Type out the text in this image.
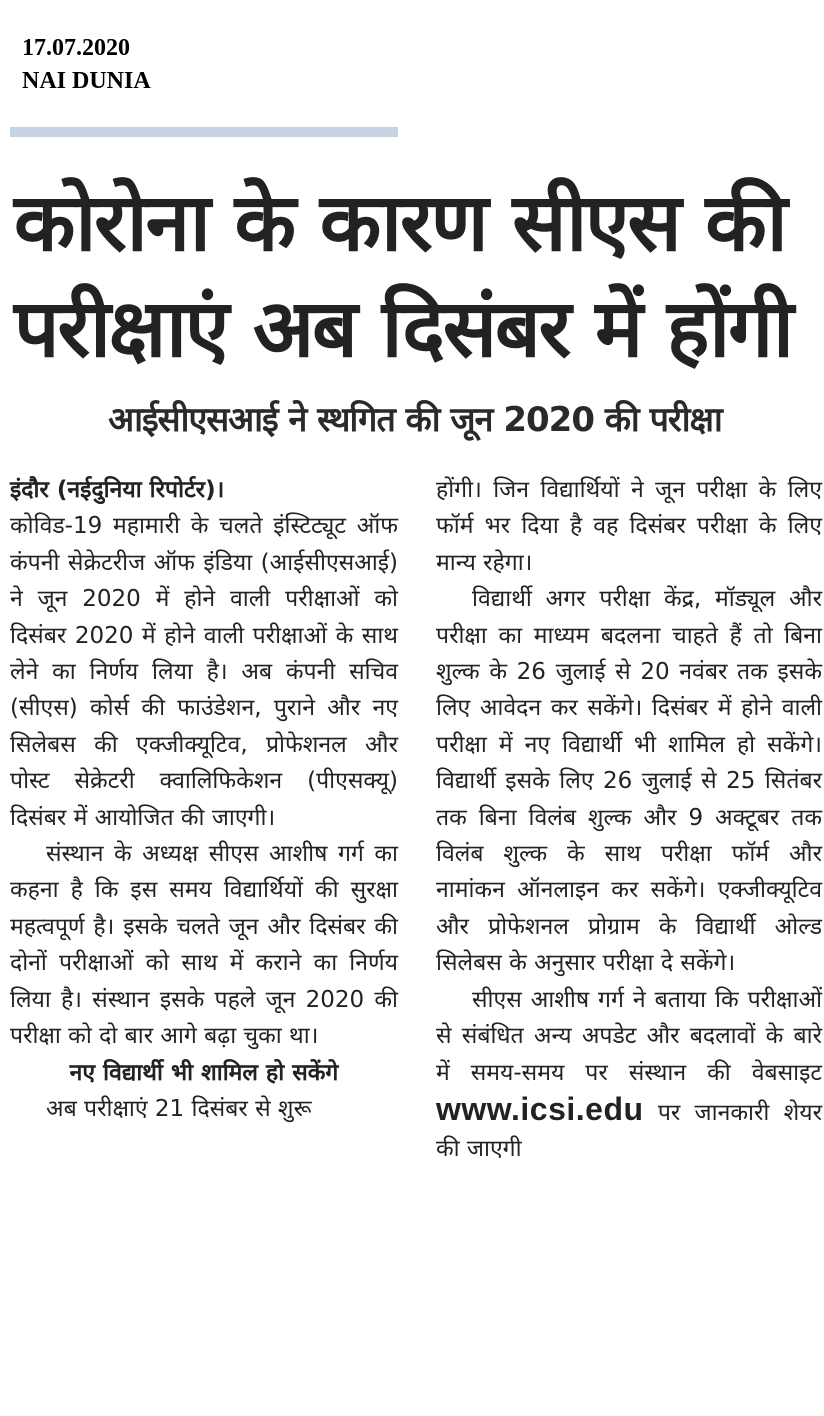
17.07.2020
NAI DUNIA
कोरोना के कारण सीएस की परीक्षाएं अब दिसंबर में होंगी
आईसीएसआई ने स्थगित की जून 2020 की परीक्षा

इंदौर (नईदुनिया रिपोर्टर)।

कोविड-19 महामारी के चलते इंस्टिट्यूट ऑफ कंपनी सेक्रेटरीज ऑफ इंडिया (आईसीएसआई) ने जून 2020 में होने वाली परीक्षाओं को दिसंबर 2020 में होने वाली परीक्षाओं के साथ लेने का निर्णय लिया है। अब कंपनी सचिव (सीएस) कोर्स की फाउंडेशन, पुराने और नए सिलेबस की एक्जीक्यूटिव, प्रोफेशनल और पोस्ट सेक्रेटरी क्वालिफिकेशन (पीएसक्यू) दिसंबर में आयोजित की जाएगी।

संस्थान के अध्यक्ष सीएस आशीष गर्ग का कहना है कि इस समय विद्यार्थियों की सुरक्षा महत्वपूर्ण है। इसके चलते जून और दिसंबर की दोनों परीक्षाओं को साथ में कराने का निर्णय लिया है। संस्थान इसके पहले जून 2020 की परीक्षा को दो बार आगे बढ़ा चुका था।

नए विद्यार्थी भी शामिल हो सकेंगे

अब परीक्षाएं 21 दिसंबर से शुरू

होंगी। जिन विद्यार्थियों ने जून परीक्षा के लिए फॉर्म भर दिया है वह दिसंबर परीक्षा के लिए मान्य रहेगा।

विद्यार्थी अगर परीक्षा केंद्र, मॉड्यूल और परीक्षा का माध्यम बदलना चाहते हैं तो बिना शुल्क के 26 जुलाई से 20 नवंबर तक इसके लिए आवेदन कर सकेंगे। दिसंबर में होने वाली परीक्षा में नए विद्यार्थी भी शामिल हो सकेंगे। विद्यार्थी इसके लिए 26 जुलाई से 25 सितंबर तक बिना विलंब शुल्क और 9 अक्टूबर तक विलंब शुल्क के साथ परीक्षा फॉर्म और नामांकन ऑनलाइन कर सकेंगे। एक्जीक्यूटिव और प्रोफेशनल प्रोग्राम के विद्यार्थी ओल्ड सिलेबस के अनुसार परीक्षा दे सकेंगे।

सीएस आशीष गर्ग ने बताया कि परीक्षाओं से संबंधित अन्य अपडेट और बदलावों के बारे में समय-समय पर संस्थान की वेबसाइट www.icsi.edu पर जानकारी शेयर की जाएगी
